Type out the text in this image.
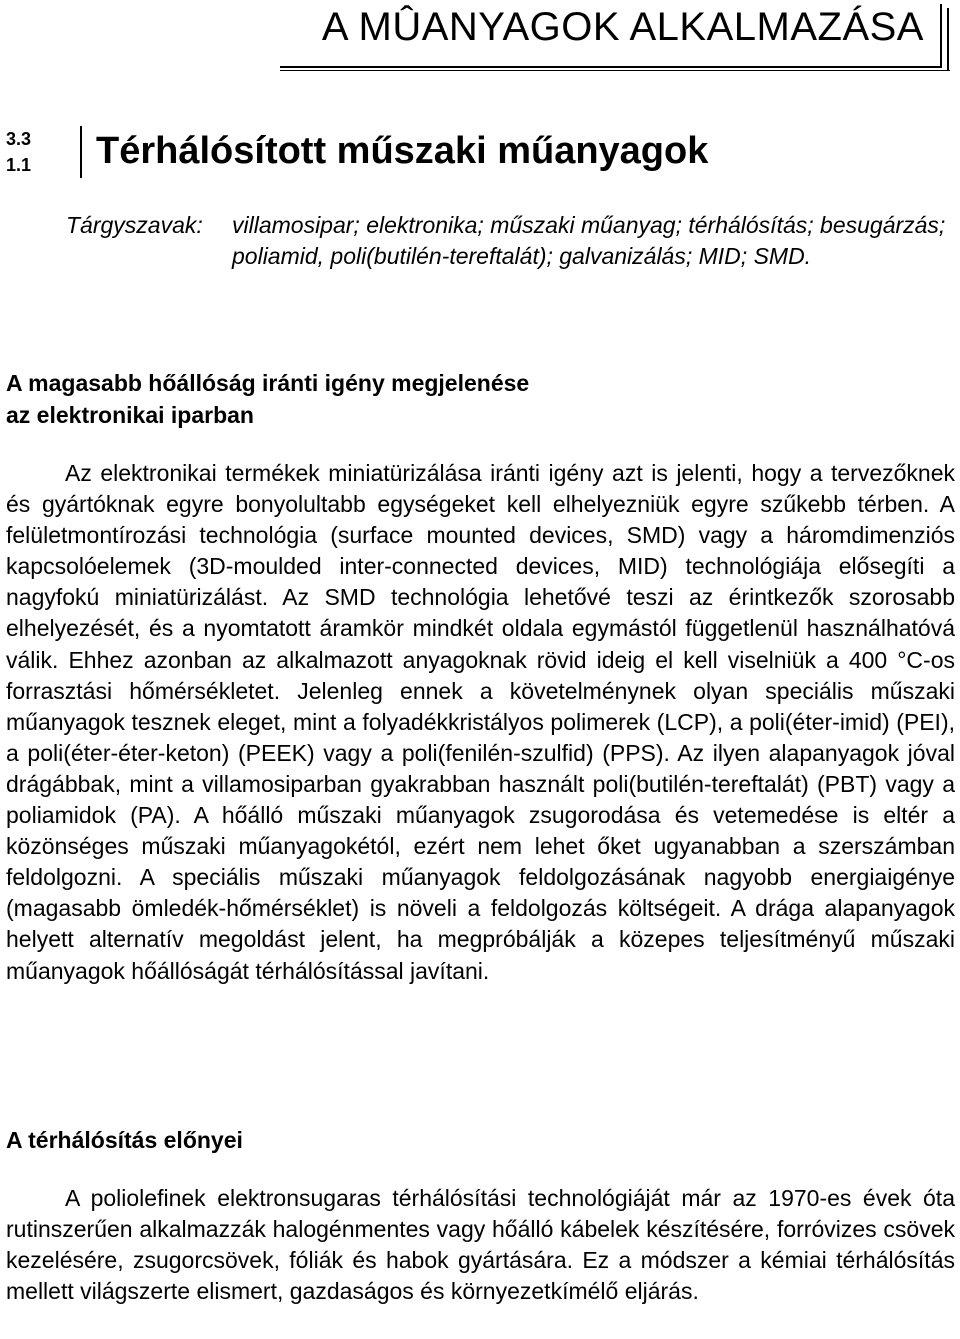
A MÛANYAGOK ALKALMAZÁSA
3.3
1.1 Térhálósított műszaki műanyagok
Tárgyszavak: villamosipar; elektronika; műszaki műanyag; térhálósítás; besugárzás; poliamid, poli(butilén-tereftalát); galvanizálás; MID; SMD.
A magasabb hőállóság iránti igény megjelenése
az elektronikai iparban

Az elektronikai termékek miniatürizálása iránti igény azt is jelenti, hogy a tervezőknek és gyártóknak egyre bonyolultabb egységeket kell elhelyezniük egyre szűkebb térben. A felületmontírozási technológia (surface mounted devices, SMD) vagy a háromdimenziós kapcsolóelemek (3D-moulded inter-connected devices, MID) technológiája elősegíti a nagyfokú miniatürizálást. Az SMD technológia lehetővé teszi az érintkezők szorosabb elhelyezését, és a nyomtatott áramkör mindkét oldala egymástól függetlenül használhatóvá válik. Ehhez azonban az alkalmazott anyagoknak rövid ideig el kell viselniük a 400 °C-os forrasztási hőmérsékletet. Jelenleg ennek a követelménynek olyan speciális műszaki műanyagok tesznek eleget, mint a folyadékkristályos polimerek (LCP), a poli(éter-imid) (PEI), a poli(éter-éter-keton) (PEEK) vagy a poli(fenilén-szulfid) (PPS). Az ilyen alapanyagok jóval drágábbak, mint a villamosiparban gyakrabban használt poli(butilén-tereftalát) (PBT) vagy a poliamidok (PA). A hőálló műszaki műanyagok zsugorodása és vetemedése is eltér a közönséges műszaki műanyagokétól, ezért nem lehet őket ugyanabban a szerszámban feldolgozni. A speciális műszaki műanyagok feldolgozásának nagyobb energiaigénye (magasabb ömledék-hőmérséklet) is növeli a feldolgozás költségeit. A drága alapanyagok helyett alternatív megoldást jelent, ha megpróbálják a közepes teljesítményű műszaki műanyagok hőállóságát térhálósítással javítani.

A térhálósítás előnyei

A poliolefinek elektronsugaras térhálósítási technológiáját már az 1970-es évek óta rutinszerűen alkalmazzák halogénmentes vagy hőálló kábelek készítésére, forróvizes csövek kezelésére, zsugorcsövek, fóliák és habok gyártására. Ez a módszer a kémiai térhálósítás mellett világszerte elismert, gazdaságos és környezetkímélő eljárás.
